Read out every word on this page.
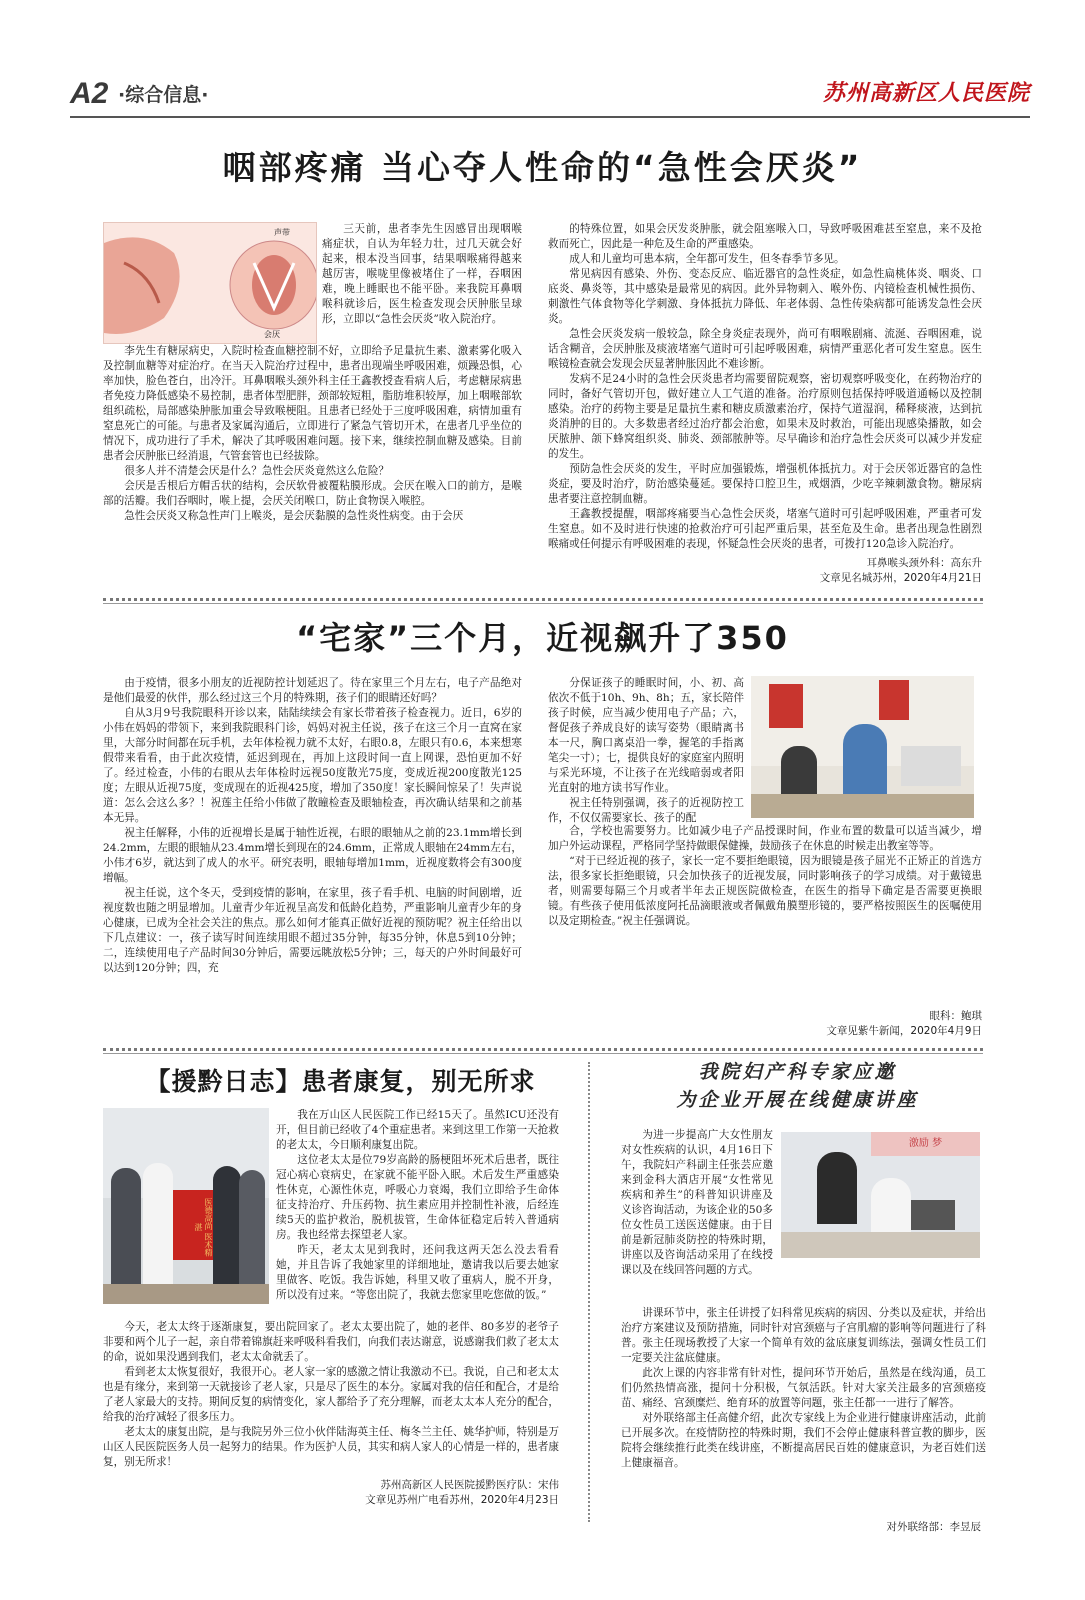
A2 ·综合信息·	苏州高新区人民医院
咽部疼痛 当心夺人性命的“急性会厌炎”
声带
会厌

三天前，患者李先生因感冒出现咽喉痛症状，自认为年轻力壮，过几天就会好起来，根本没当回事，结果咽喉痛得越来越厉害，喉咙里像被堵住了一样，吞咽困难，晚上睡眠也不能平卧。来我院耳鼻咽喉科就诊后，医生检查发现会厌肿胀呈球形，立即以“急性会厌炎”收入院治疗。

李先生有糖尿病史，入院时检查血糖控制不好，立即给予足量抗生素、激素雾化吸入及控制血糖等对症治疗。在当天入院治疗过程中，患者出现端坐呼吸困难，烦躁恐惧，心率加快，脸色苍白，出冷汗。耳鼻咽喉头颈外科主任王鑫教授查看病人后，考虑糖尿病患者免疫力降低感染不易控制，患者体型肥胖，颈部较短粗，脂肪堆积较厚，加上咽喉部软组织疏松，局部感染肿胀加重会导致喉梗阻。且患者已经处于三度呼吸困难，病情加重有窒息死亡的可能。与患者及家属沟通后，立即进行了紧急气管切开术，在患者几乎坐位的情况下，成功进行了手术，解决了其呼吸困难问题。接下来，继续控制血糖及感染。目前患者会厌肿胀已经消退，气管套管也已经拔除。

很多人并不清楚会厌是什么？急性会厌炎竟然这么危险？

会厌是舌根后方帽舌状的结构，会厌软骨被覆粘膜形成。会厌在喉入口的前方，是喉部的活瓣。我们吞咽时，喉上提，会厌关闭喉口，防止食物误入喉腔。

急性会厌炎又称急性声门上喉炎，是会厌黏膜的急性炎性病变。由于会厌

的特殊位置，如果会厌发炎肿胀，就会阻塞喉入口，导致呼吸困难甚至窒息，来不及抢救而死亡，因此是一种危及生命的严重感染。

成人和儿童均可患本病，全年都可发生，但冬春季节多见。

常见病因有感染、外伤、变态反应、临近器官的急性炎症，如急性扁桃体炎、咽炎、口底炎、鼻炎等，其中感染是最常见的病因。此外异物刺入、喉外伤、内镜检查机械性损伤、刺激性气体食物等化学刺激、身体抵抗力降低、年老体弱、急性传染病都可能诱发急性会厌炎。

急性会厌炎发病一般较急，除全身炎症表现外，尚可有咽喉剧痛、流涎、吞咽困难，说话含糊音，会厌肿胀及痰液堵塞气道时可引起呼吸困难，病情严重恶化者可发生窒息。医生喉镜检查就会发现会厌显著肿胀因此不难诊断。

发病不足24小时的急性会厌炎患者均需要留院观察，密切观察呼吸变化，在药物治疗的同时，备好气管切开包，做好建立人工气道的准备。治疗原则包括保持呼吸道通畅以及控制感染。治疗的药物主要是足量抗生素和糖皮质激素治疗，保持气道湿润，稀释痰液，达到抗炎消肿的目的。大多数患者经过治疗都会治愈，如果未及时救治，可能出现感染播散，如会厌脓肿、颌下蜂窝组织炎、肺炎、颈部脓肿等。尽早确诊和治疗急性会厌炎可以减少并发症的发生。

预防急性会厌炎的发生，平时应加强锻炼，增强机体抵抗力。对于会厌邻近器官的急性炎症，要及时治疗，防治感染蔓延。要保持口腔卫生，戒烟酒，少吃辛辣刺激食物。糖尿病患者要注意控制血糖。

王鑫教授提醒，咽部疼痛要当心急性会厌炎，堵塞气道时可引起呼吸困难，严重者可发生窒息。如不及时进行快速的抢救治疗可引起严重后果，甚至危及生命。患者出现急性剧烈喉痛或任何提示有呼吸困难的表现，怀疑急性会厌炎的患者，可拨打120急诊入院治疗。

耳鼻喉头颈外科：高东升
文章见名城苏州，2020年4月21日
“宅家”三个月，近视飙升了350

由于疫情，很多小朋友的近视防控计划延迟了。待在家里三个月左右，电子产品绝对是他们最爱的伙伴，那么经过这三个月的特殊期，孩子们的眼睛还好吗？

自从3月9号我院眼科开诊以来，陆陆续续会有家长带着孩子检查视力。近日，6岁的小伟在妈妈的带领下，来到我院眼科门诊，妈妈对祝主任说，孩子在这三个月一直窝在家里，大部分时间都在玩手机，去年体检视力就不太好，右眼0.8，左眼只有0.6，本来想寒假带来看看，由于此次疫情，延迟到现在，再加上这段时间一直上网课，恐怕更加不好了。经过检查，小伟的右眼从去年体检时远视50度散光75度，变成近视200度散光125度；左眼从近视75度，变成现在的近视425度，增加了350度！家长瞬间惊呆了！失声说道：怎么会这么多？！祝莲主任给小伟做了散瞳检查及眼轴检查，再次确认结果和之前基本无异。

祝主任解释，小伟的近视增长是属于轴性近视，右眼的眼轴从之前的23.1mm增长到24.2mm，左眼的眼轴从23.4mm增长到现在的24.6mm，正常成人眼轴在24mm左右，小伟才6岁，就达到了成人的水平。研究表明，眼轴每增加1mm，近视度数将会有300度增幅。

祝主任说，这个冬天，受到疫情的影响，在家里，孩子看手机、电脑的时间剧增，近视度数也随之明显增加。儿童青少年近视呈高发和低龄化趋势，严重影响儿童青少年的身心健康，已成为全社会关注的焦点。那么如何才能真正做好近视的预防呢？祝主任给出以下几点建议：一，孩子读写时间连续用眼不超过35分钟，每35分钟，休息5到10分钟；二，连续使用电子产品时间30分钟后，需要远眺放松5分钟；三，每天的户外时间最好可以达到120分钟；四，充

分保证孩子的睡眠时间，小、初、高依次不低于10h、9h、8h；五，家长陪伴孩子时候，应当减少使用电子产品；六，督促孩子养成良好的读写姿势（眼睛离书本一尺，胸口离桌沿一拳，握笔的手指离笔尖一寸）；七，提供良好的家庭室内照明与采光环境，不让孩子在光线暗弱或者阳光直射的地方读书写作业。

祝主任特别强调，孩子的近视防控工作，不仅仅需要家长、孩子的配

合，学校也需要努力。比如减少电子产品授课时间，作业布置的数量可以适当减少，增加户外运动课程，严格同学坚持做眼保健操，鼓励孩子在休息的时候走出教室等等。

“对于已经近视的孩子，家长一定不要拒绝眼镜，因为眼镜是孩子屈光不正矫正的首选方法，很多家长拒绝眼镜，只会加快孩子的近视发展，同时影响孩子的学习成绩。对于戴镜患者，则需要每隔三个月或者半年去正规医院做检查，在医生的指导下确定是否需要更换眼镜。有些孩子使用低浓度阿托品滴眼液或者佩戴角膜塑形镜的，要严格按照医生的医嘱使用以及定期检查。”祝主任强调说。

眼科：鲍琪
文章见紫牛新闻，2020年4月9日
【援黔日志】患者康复，别无所求
医德高尚 医术精湛

我在万山区人民医院工作已经15天了。虽然ICU还没有开，但目前已经收了4个重症患者。来到这里工作第一天抢救的老太太，今日顺利康复出院。

这位老太太是位79岁高龄的肠梗阻坏死术后患者，既往冠心病心衰病史，在家就不能平卧入眠。术后发生严重感染性休克，心源性休克，呼吸心力衰竭，我们立即给予生命体征支持治疗、升压药物、抗生素应用并控制性补液，后经连续5天的监护救治，脱机拔管，生命体征稳定后转入普通病房。我也经常去探望老人家。

昨天，老太太见到我时，还问我这两天怎么没去看看她，并且告诉了我她家里的详细地址，邀请我以后要去她家里做客、吃饭。我告诉她，科里又收了重病人，脱不开身，所以没有过来。“等您出院了，我就去您家里吃您做的饭。”

今天，老太太终于逐渐康复，要出院回家了。老太太要出院了，她的老伴、80多岁的老爷子非要和两个儿子一起，亲自带着锦旗赶来呼吸科看我们，向我们表达谢意，说感谢我们救了老太太的命，说如果没遇到我们，老太太命就丢了。

看到老太太恢复很好，我很开心。老人家一家的感激之情让我激动不已。我说，自己和老太太也是有缘分，来到第一天就接诊了老人家，只是尽了医生的本分。家属对我的信任和配合，才是给了老人家最大的支持。期间反复的病情变化，家人都给予了充分理解，而老太太本人充分的配合，给我的治疗减轻了很多压力。

老太太的康复出院，是与我院另外三位小伙伴陆海英主任、梅冬兰主任、姚华护师，特别是万山区人民医院医务人员一起努力的结果。作为医护人员，其实和病人家人的心情是一样的，患者康复，别无所求！

苏州高新区人民医院援黔医疗队：宋伟
文章见苏州广电看苏州，2020年4月23日
我院妇产科专家应邀
为企业开展在线健康讲座

为进一步提高广大女性朋友对女性疾病的认识，4月16日下午，我院妇产科副主任张芸应邀来到金科大酒店开展“女性常见疾病和养生”的科普知识讲座及义诊咨询活动，为该企业的50多位女性员工送医送健康。由于目前是新冠肺炎防控的特殊时期，讲座以及咨询活动采用了在线授课以及在线回答问题的方式。

激励 梦

讲课环节中，张主任讲授了妇科常见疾病的病因、分类以及症状，并给出治疗方案建议及预防措施，同时针对宫颈癌与子宫肌瘤的影响等问题进行了科普。张主任现场教授了大家一个简单有效的盆底康复训练法，强调女性员工们一定要关注盆底健康。

此次上课的内容非常有针对性，提问环节开始后，虽然是在线沟通，员工们仍然热情高涨，提问十分积极，气氛活跃。针对大家关注最多的宫颈癌疫苗、痛经、宫颈糜烂、绝育环的放置等问题，张主任都一一进行了解答。

对外联络部主任高健介绍，此次专家线上为企业进行健康讲座活动，此前已开展多次。在疫情防控的特殊时期，我们不会停止健康科普宣教的脚步，医院将会继续推行此类在线讲座，不断提高居民百姓的健康意识，为老百姓们送上健康福音。

对外联络部：李昱辰
